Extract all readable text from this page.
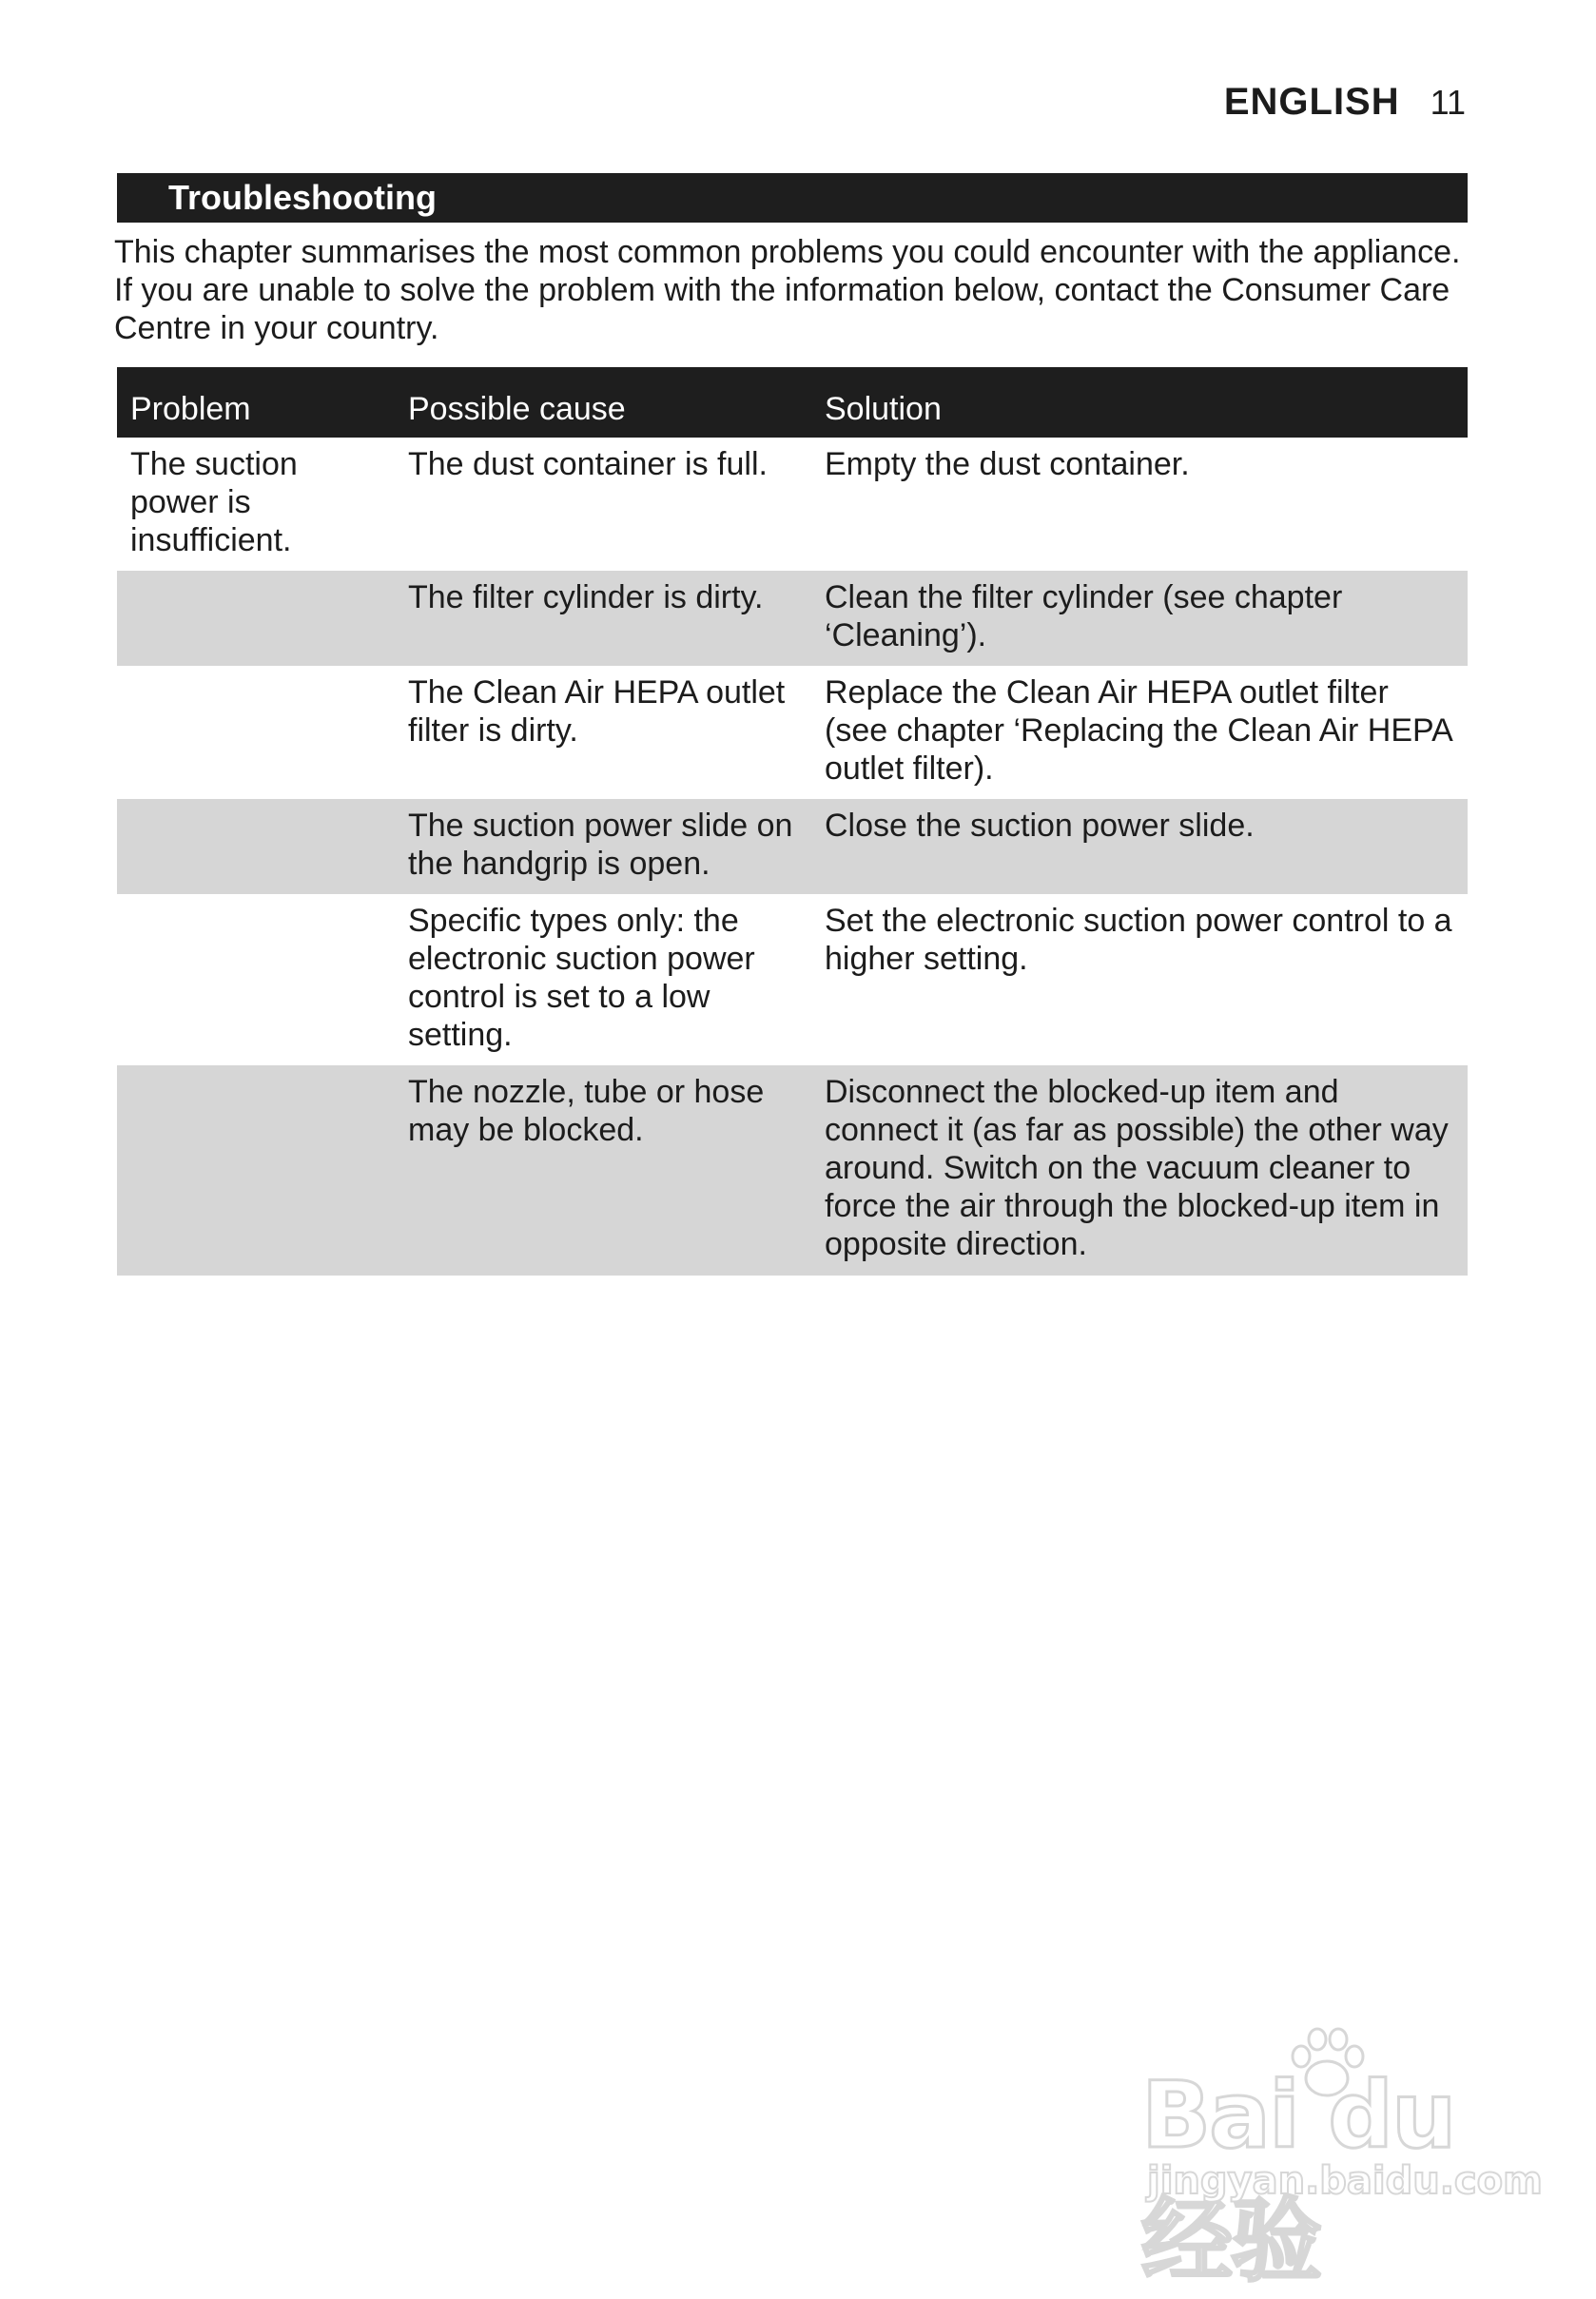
ENGLISH 11
Troubleshooting

This chapter summarises the most common problems you could encounter with the appliance. If you are unable to solve the problem with the information below, contact the Consumer Care Centre in your country.

Problem	Possible cause	Solution
The suction power is insufficient.	The dust container is full.	Empty the dust container.
	The filter cylinder is dirty.	Clean the filter cylinder (see chapter ‘Cleaning’).
	The Clean Air HEPA outlet filter is dirty.	Replace the Clean Air HEPA outlet filter (see chapter ‘Replacing the Clean Air HEPA outlet filter).
	The suction power slide on the handgrip is open.	Close the suction power slide.
	Specific types only: the electronic suction power control is set to a low setting.	Set the electronic suction power control to a higher setting.
	The nozzle, tube or hose may be blocked.	Disconnect the blocked-up item and connect it (as far as possible) the other way around. Switch on the vacuum cleaner to force the air through the blocked-up item in opposite direction.
Bai du 经验
jingyan.baidu.com
